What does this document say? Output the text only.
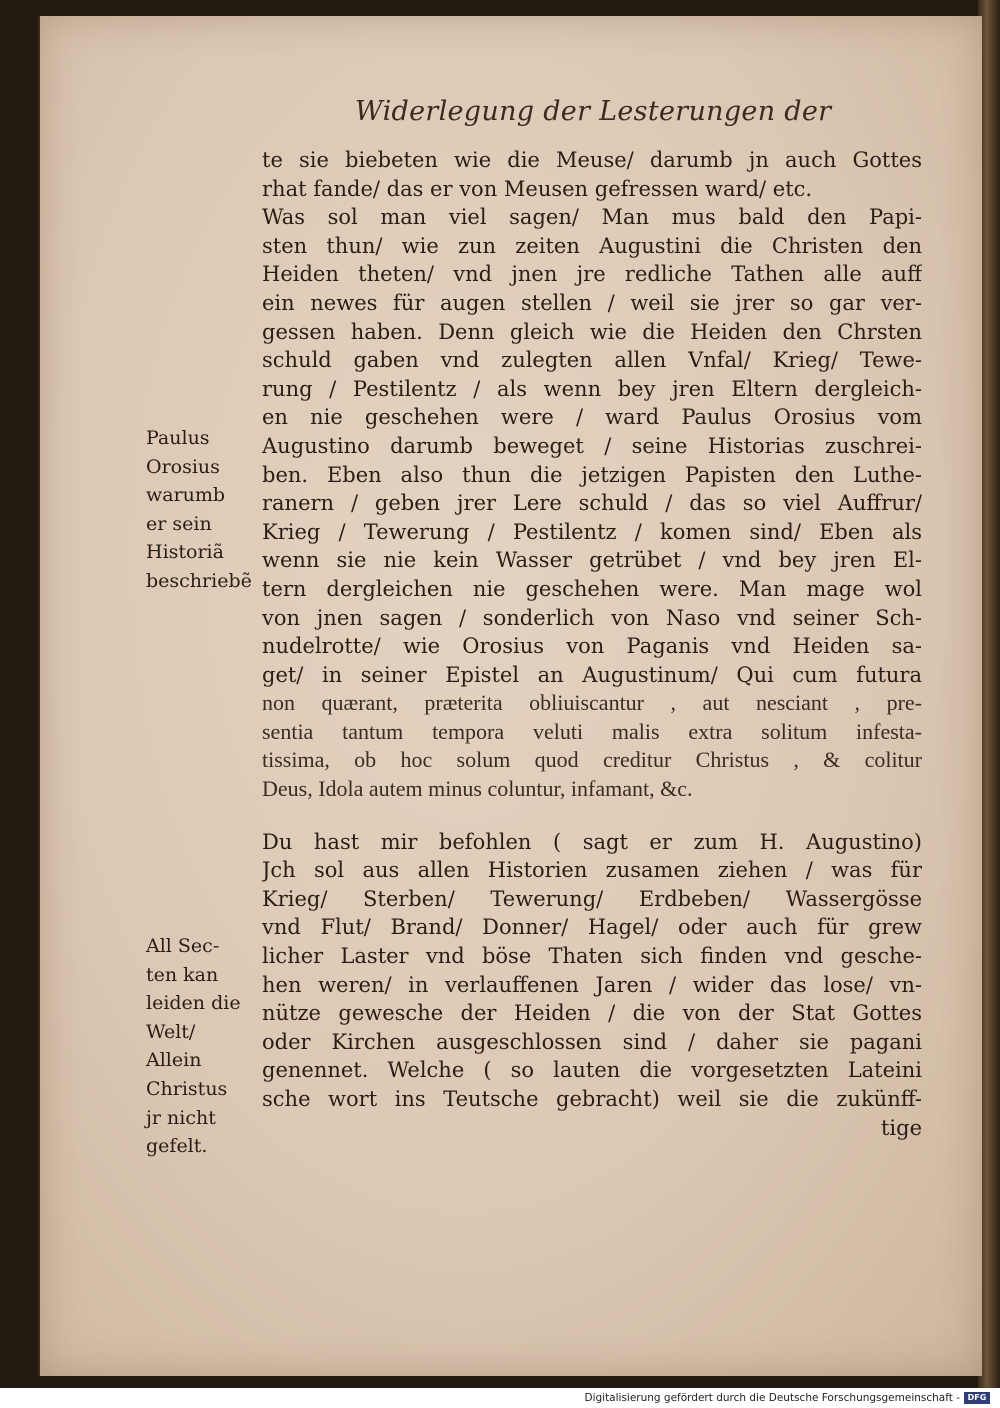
Widerlegung der Lesterungen der
te sie biebeten wie die Meuse/ darumb jn auch Gottes
rhat fande/ das er von Meusen gefressen ward/ etc.
Was sol man viel sagen/ Man mus bald den Papi-
sten thun/ wie zun zeiten Augustini die Christen den
Heiden theten/ vnd jnen jre redliche Tathen alle auff
ein newes für augen stellen / weil sie jrer so gar ver-
gessen haben. Denn gleich wie die Heiden den Chrsten
schuld gaben vnd zulegten allen Vnfal/ Krieg/ Tewe-
rung / Pestilentz / als wenn bey jren Eltern dergleich-
en nie geschehen were / ward Paulus Orosius vom
Augustino darumb beweget / seine Historias zuschrei-
ben. Eben also thun die jetzigen Papisten den Luthe-
ranern / geben jrer Lere schuld / das so viel Auffrur/
Krieg / Tewerung / Pestilentz / komen sind/ Eben als
wenn sie nie kein Wasser getrübet / vnd bey jren El-
tern dergleichen nie geschehen were. Man mage wol
von jnen sagen / sonderlich von Naso vnd seiner Sch-
nudelrotte/ wie Orosius von Paganis vnd Heiden sa-
get/ in seiner Epistel an Augustinum/ Qui cum futura
non quærant, præterita obliuiscantur , aut nesciant , pre-
sentia tantum tempora veluti malis extra solitum infesta-
tissima, ob hoc solum quod creditur Christus , & colitur
Deus, Idola autem minus coluntur, infamant, &c.
Du hast mir befohlen ( sagt er zum H. Augustino)
Jch sol aus allen Historien zusamen ziehen / was für
Krieg/ Sterben/ Tewerung/ Erdbeben/ Wassergösse
vnd Flut/ Brand/ Donner/ Hagel/ oder auch für grew
licher Laster vnd böse Thaten sich finden vnd gesche-
hen weren/ in verlauffenen Jaren / wider das lose/ vn-
nütze gewesche der Heiden / die von der Stat Gottes
oder Kirchen ausgeschlossen sind / daher sie pagani
genennet. Welche ( so lauten die vorgesetzten Lateini
sche wort ins Teutsche gebracht) weil sie die zukünff-
tige
Paulus
Orosius
warumb
er sein
Historiã
beschriebẽ
All Sec-
ten kan
leiden die
Welt/
Allein
Christus
jr nicht
gefelt.
Digitalisierung gefördert durch die Deutsche Forschungsgemeinschaft - DFG
